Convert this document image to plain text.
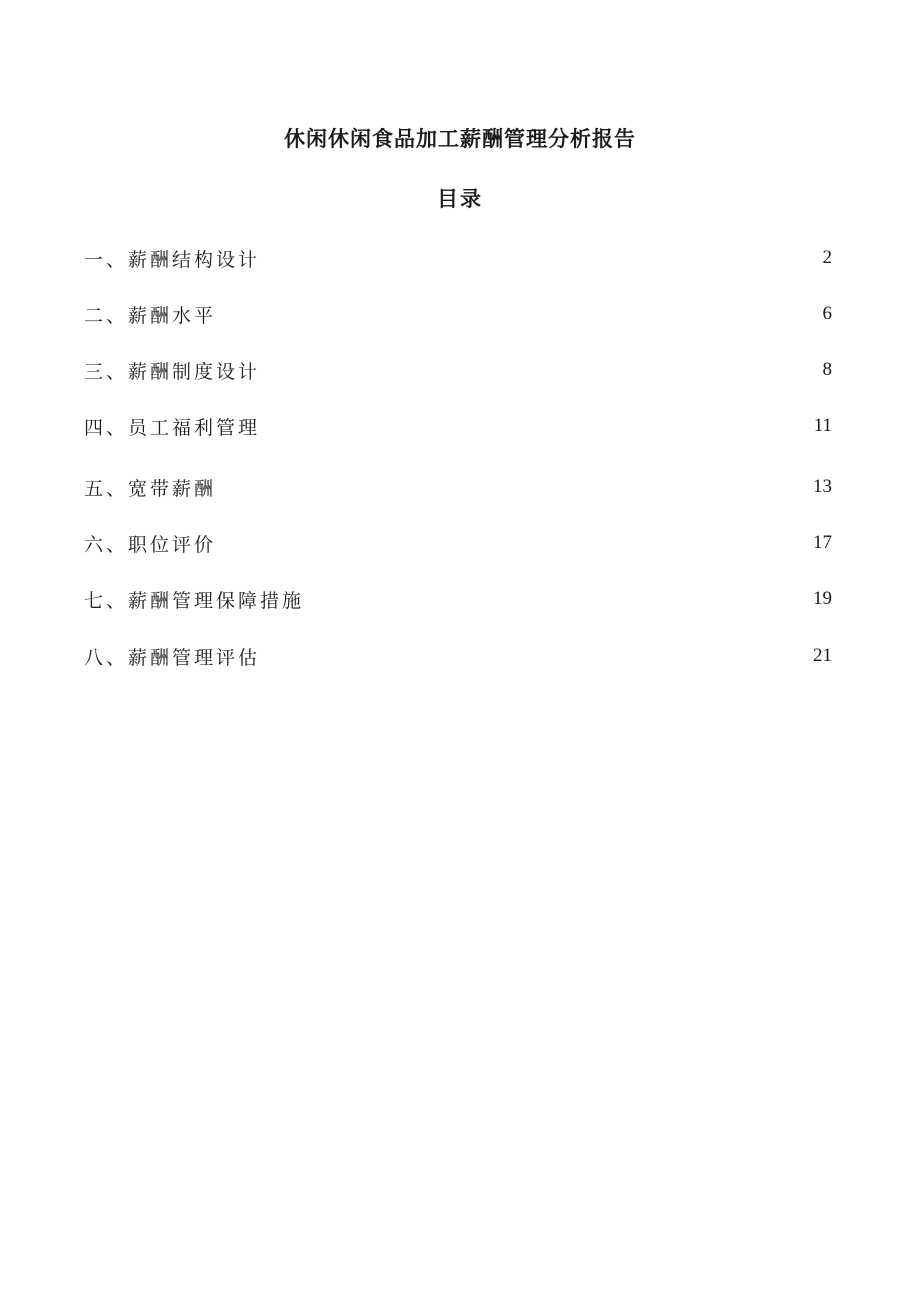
休闲休闲食品加工薪酬管理分析报告
目录
一、薪酬结构设计	2
二、薪酬水平	6
三、薪酬制度设计	8
四、员工福利管理	11
五、宽带薪酬	13
六、职位评价	17
七、薪酬管理保障措施	19
八、薪酬管理评估	21
